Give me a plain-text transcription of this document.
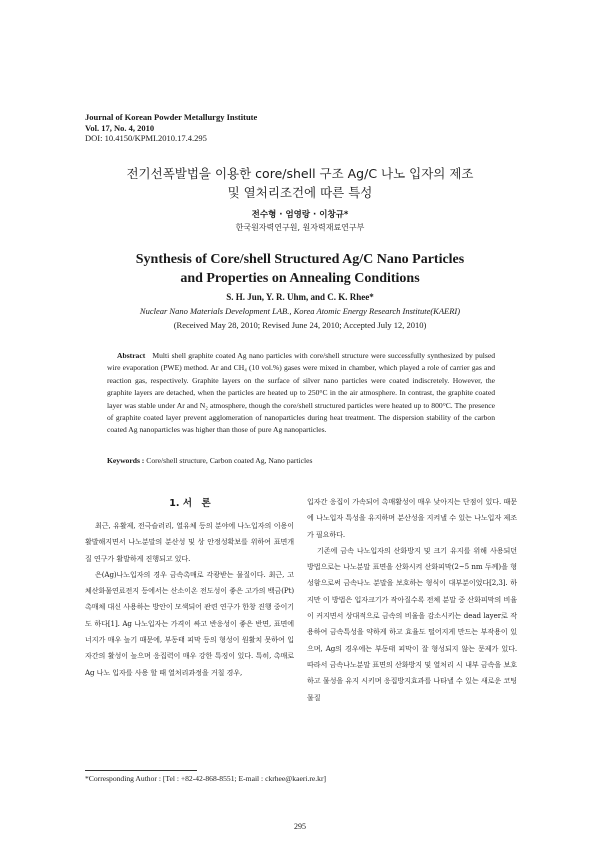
Journal of Korean Powder Metallurgy Institute
Vol. 17, No. 4, 2010
DOI: 10.4150/KPMI.2010.17.4.295
전기선폭발법을 이용한 core/shell 구조 Ag/C 나노 입자의 제조
및 열처리조건에 따른 특성
전수형 · 엄영랑 · 이창규*
한국원자력연구원, 원자력재료연구부
Synthesis of Core/shell Structured Ag/C Nano Particles
and Properties on Annealing Conditions
S. H. Jun, Y. R. Uhm, and C. K. Rhee*
Nuclear Nano Materials Development LAB., Korea Atomic Energy Research Institute(KAERI)
(Received May 28, 2010; Revised June 24, 2010; Accepted July 12, 2010)

Abstract Multi shell graphite coated Ag nano particles with core/shell structure were successfully synthesized by pulsed wire evaporation (PWE) method. Ar and CH₄ (10 vol.%) gases were mixed in chamber, which played a role of carrier gas and reaction gas, respectively. Graphite layers on the surface of silver nano particles were coated indiscretely. However, the graphite layers are detached, when the particles are heated up to 250°C in the air atmosphere. In contrast, the graphite coated layer was stable under Ar and N₂ atmosphere, though the core/shell structured particles were heated up to 800°C. The presence of graphite coated layer prevent agglomeration of nanoparticles during heat treatment. The dispersion stability of the carbon coated Ag nanoparticles was higher than those of pure Ag nanoparticles.

Keywords : Core/shell structure, Carbon coated Ag, Nano particles
1. 서　론

최근, 유활제, 전극슬러리, 열유체 등의 분야에 나노입자의 이용이 활발해지면서 나노분말의 분산성 및 상 안정성확보를 위하여 표면개질 연구가 활발하게 진행되고 있다.

은(Ag)나노입자의 경우 금속촉매로 각광받는 물질이다. 최근, 고체산화물연료전지 등에서는 산소이온 전도성이 좋은 고가의 백금(Pt) 촉매체 대신 사용하는 방안이 모색되어 관련 연구가 한창 진행 중이기도 하다[1]. Ag 나노입자는 가격이 싸고 반응성이 좋은 반면, 표면에너지가 매우 높기 때문에, 부동태 피막 등의 형성이 원활치 못하여 입자간의 활성이 높으며 응집력이 매우 강한 특징이 있다. 특히, 촉매로 Ag 나노 입자를 사용 할 때 열처리과정을 거칠 경우,

입자간 응집이 가속되어 촉매활성이 매우 낮아지는 단점이 있다. 때문에 나노입자 특성을 유지하며 분산성을 지켜낼 수 있는 나노입자 제조가 필요하다.

기존에 금속 나노입자의 산화방지 및 크기 유지를 위해 사용되던 방법으로는 나노분말 표면을 산화시켜 산화피막(2~5 nm 두께)을 형성함으로써 금속나노 분말을 보호하는 형식이 대부분이었다[2,3]. 하지만 이 방법은 입자크기가 작아질수록 전체 분말 중 산화피막의 비율이 커지면서 상대적으로 금속의 비율을 감소시키는 dead layer로 작용하여 금속특성을 약하게 하고 효율도 떨어지게 만드는 부작용이 있으며, Ag의 경우에는 부동태 피막이 잘 형성되지 않는 문제가 있다. 따라서 금속나노분말 표면의 산화방지 및 열처리 시 내부 금속을 보호하고 물성을 유지 시키며 응집방지효과를 나타낼 수 있는 새로운 코팅물질

*Corresponding Author : [Tel : +82-42-868-8551; E-mail : ckrhee@kaeri.re.kr]
295
